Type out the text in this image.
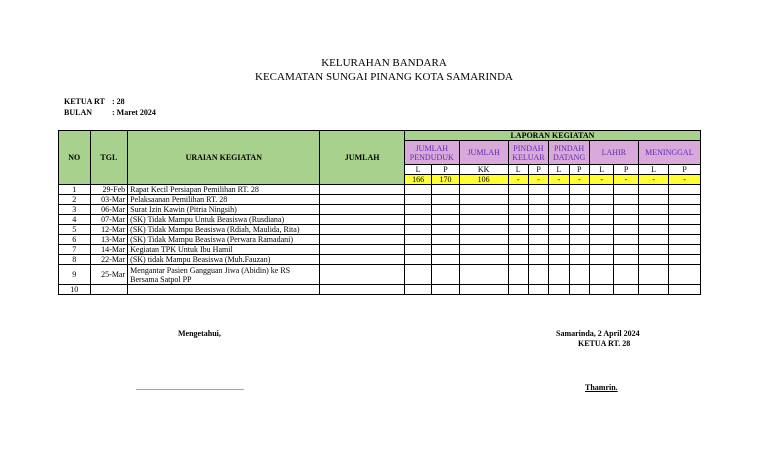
KELURAHAN BANDARA
KECAMATAN SUNGAI PINANG KOTA SAMARINDA
KETUA RT : 28
BULAN : Maret 2024
NO	TGL	URAIAN KEGIATAN	JUMLAH	LAPORAN KEGIATAN										
				JUMLAH PENDUDUK		JUMLAH	PINDAH KELUAR		PINDAH DATANG		LAHIR		MENINGGAL	
				L	P	KK	L	P	L	P	L	P	L	P
				166	170	106	-	-	-	-	-	-	-	-
1	29-Feb	Rapat Kecil Persiapan Pemilihan RT. 28												
2	03-Mar	Pelaksaanan Pemilihan RT. 28												
3	06-Mar	Surat Izin Kawin (Pitria Ningsih)												
4	07-Mar	(SK) Tidak Mampu Untuk Beasiswa (Rusdiana)												
5	12-Mar	(SK) Tidak Mampu Beasiswa (Rdiah, Maulida, Rita)												
6	13-Mar	(SK) Tidak Mampu Beasiswa (Perwara Ramadani)												
7	14-Mar	Kegiatan TPK Untuk Ibu Hamil												
8	22-Mar	(SK) tidak Mampu Beasiswa (Muh.Fauzan)												
9	25-Mar	Mengantar Pasien Gangguan Jiwa (Abidin) ke RS Bersama Satpol PP												
10														
Mengetahui,	Samarinda, 2 April 2024
KETUA RT. 28
......................................................	Thamrin.
